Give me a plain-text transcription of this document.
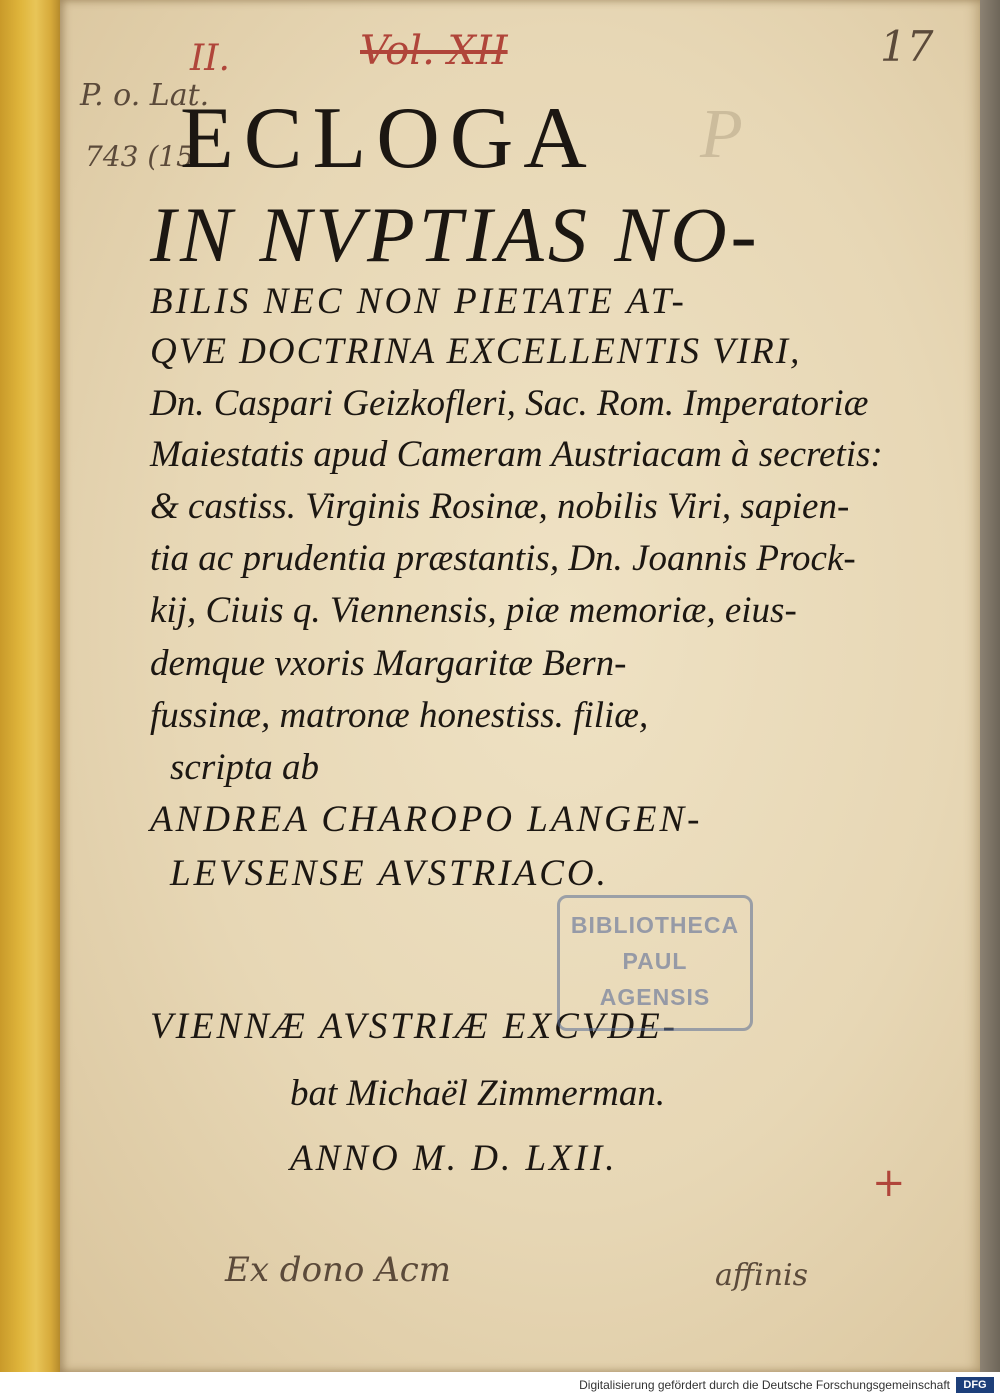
P
II.	Vol. XII	17
P. o. Lat.
743 (15
+
Ex dono Acm	affinis
ECLOGA
IN NVPTIAS NO-
BILIS NEC NON PIETATE AT-
QVE DOCTRINA EXCELLENTIS VIRI,
Dn. Caspari Geizkofleri, Sac. Rom. Imperatoriæ
Maiestatis apud Cameram Austriacam à secretis:
& castiss. Virginis Rosinæ, nobilis Viri, sapien-
tia ac prudentia præstantis, Dn. Joannis Prock-
kij, Ciuis q. Viennensis, piæ memoriæ, eius-
demque vxoris Margaritæ Bern-
fussinæ, matronæ honestiss. filiæ,
scripta ab
ANDREA CHAROPO LANGEN-
LEVSENSE AVSTRIACO.
VIENNÆ AVSTRIÆ EXCVDE-
bat Michaël Zimmerman.
ANNO M. D. LXII.
BIBLIOTHECA
PAUL
AGENSIS
Digitalisierung gefördert durch die Deutsche Forschungsgemeinschaft	DFG
